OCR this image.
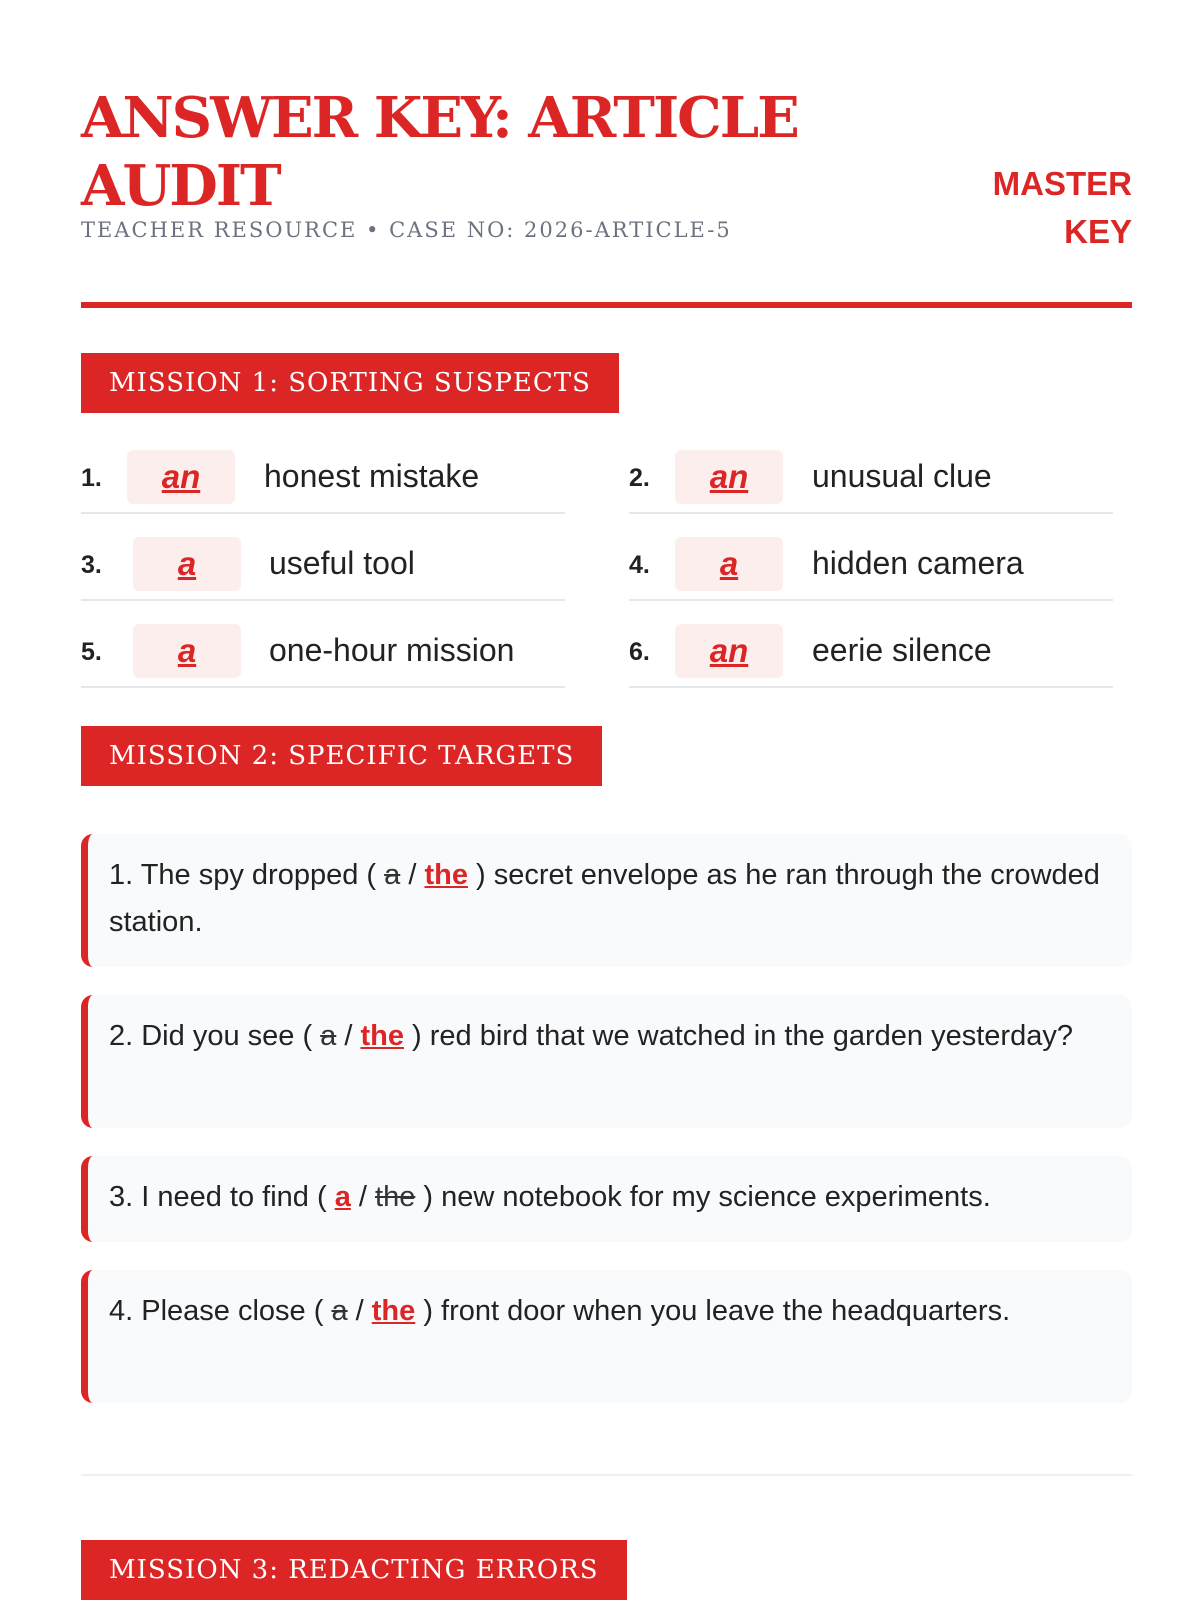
ANSWER KEY: ARTICLE AUDIT
TEACHER RESOURCE • CASE NO: 2026-ARTICLE-5
MASTER KEY
MISSION 1: SORTING SUSPECTS
1.	an	honest mistake	2.	an	unusual clue
3.	a	useful tool	4.	a	hidden camera
5.	a	one-hour mission	6.	an	eerie silence
MISSION 2: SPECIFIC TARGETS
1. The spy dropped ( a / the ) secret envelope as he ran through the crowded station.
2. Did you see ( a / the ) red bird that we watched in the garden yesterday?
3. I need to find ( a / the ) new notebook for my science experiments.
4. Please close ( a / the ) front door when you leave the headquarters.
MISSION 3: REDACTING ERRORS
